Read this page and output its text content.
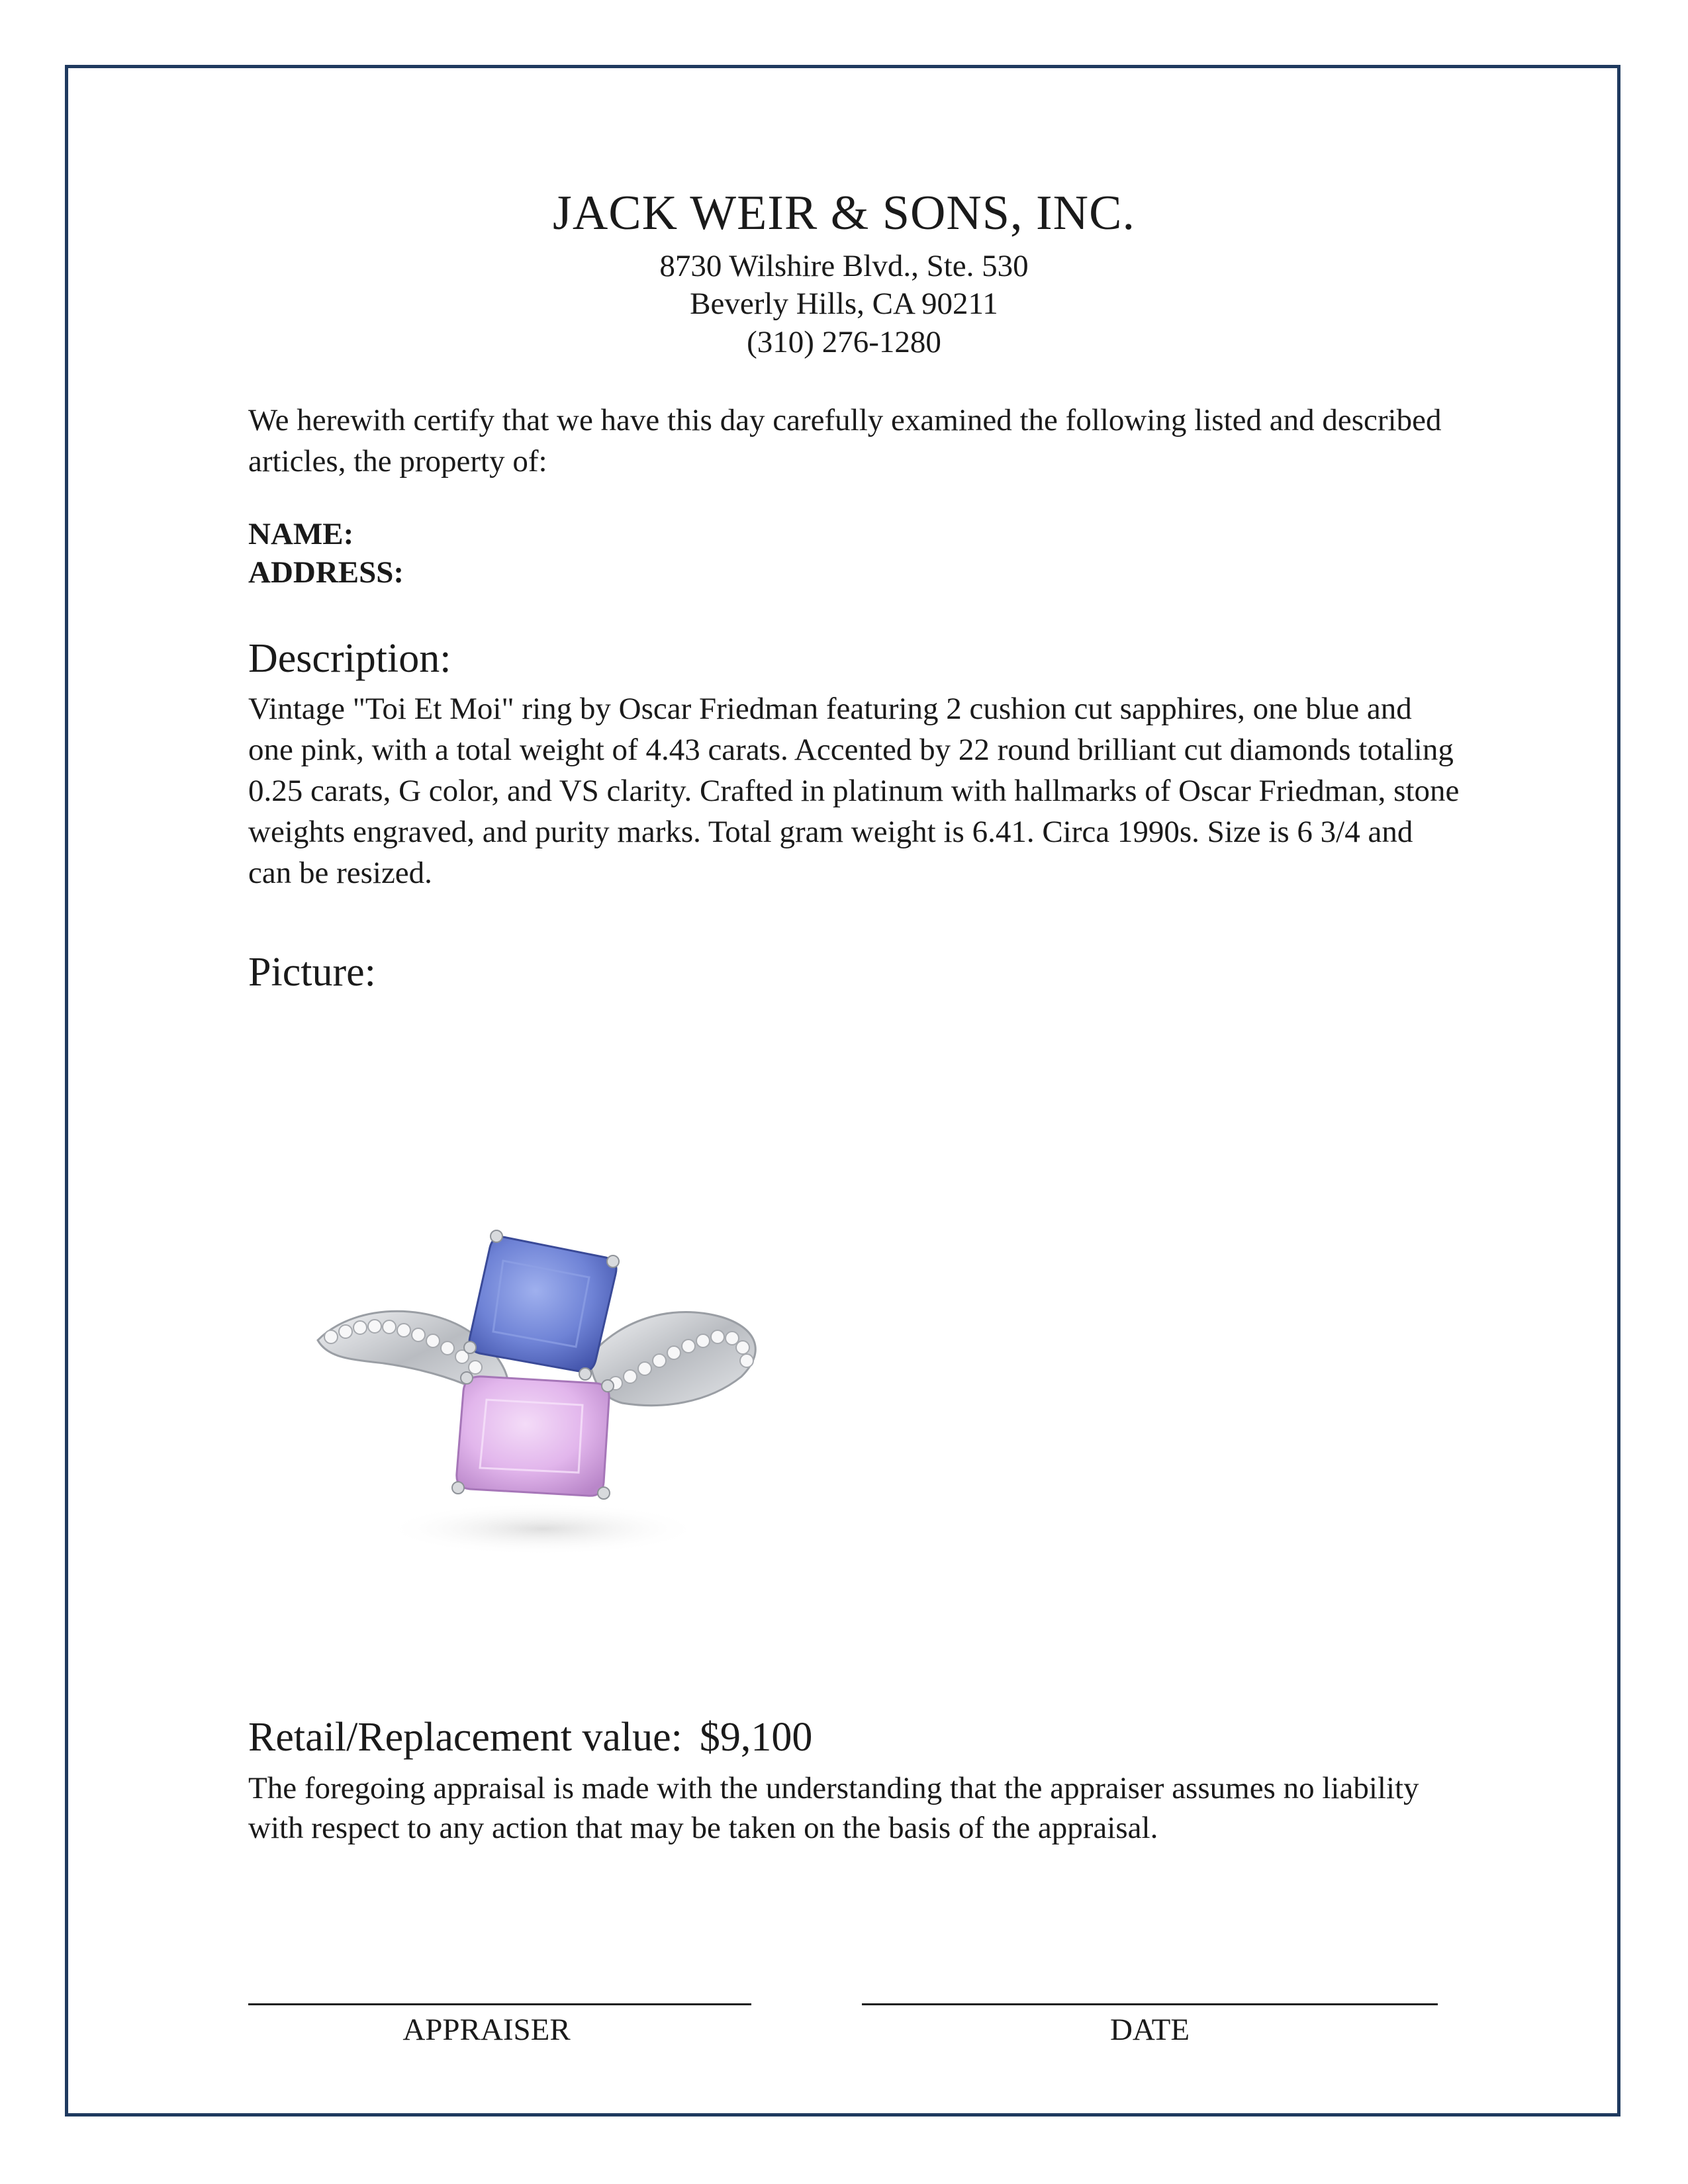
JACK WEIR & SONS, INC.
8730 Wilshire Blvd., Ste. 530
Beverly Hills, CA 90211
(310) 276-1280
We herewith certify that we have this day carefully examined the following listed and described articles, the property of:
NAME:
ADDRESS:
Description:
Vintage "Toi Et Moi" ring by Oscar Friedman featuring 2 cushion cut sapphires, one blue and one pink, with a total weight of 4.43 carats. Accented by 22 round brilliant cut diamonds totaling 0.25 carats, G color, and VS clarity. Crafted in platinum with hallmarks of Oscar Friedman, stone weights engraved, and purity marks. Total gram weight is 6.41. Circa 1990s. Size is 6 3/4 and can be resized.
Picture:
Retail/Replacement value: $9,100
The foregoing appraisal is made with the understanding that the appraiser assumes no liability with respect to any action that may be taken on the basis of the appraisal.
APPRAISER	DATE
